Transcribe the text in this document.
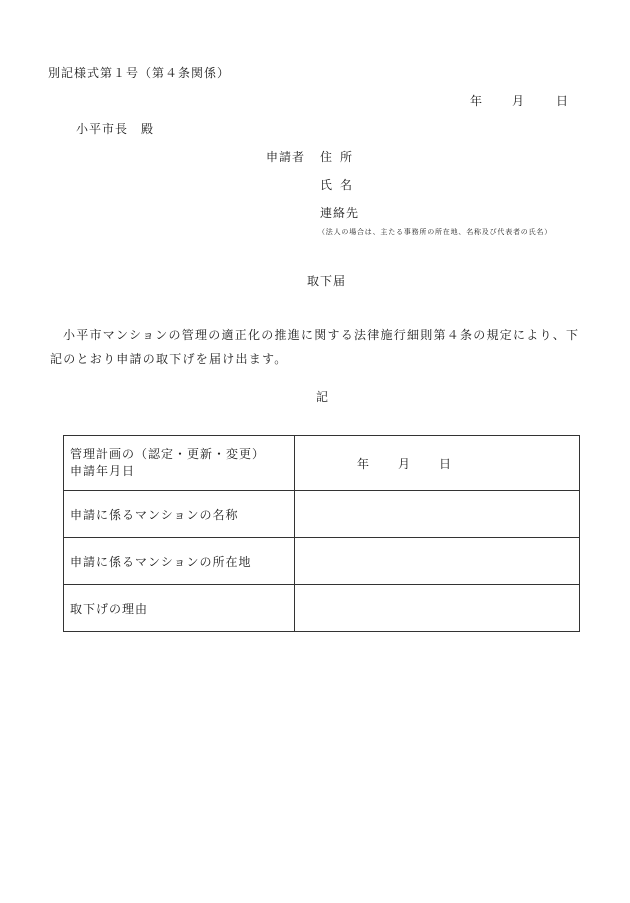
別記様式第１号（第４条関係）
年 月	日
小平市長　殿
申請者 住所
氏名
連絡先
（法人の場合は、主たる事務所の所在地、名称及び代表者の氏名）
取下届
小平市マンションの管理の適正化の推進に関する法律施行細則第４条の規定により、下記のとおり申請の取下げを届け出ます。
記
管理計画の（認定・更新・変更）
申請年月日	年 月 日

申請に係るマンションの名称	
申請に係るマンションの所在地	
取下げの理由	
